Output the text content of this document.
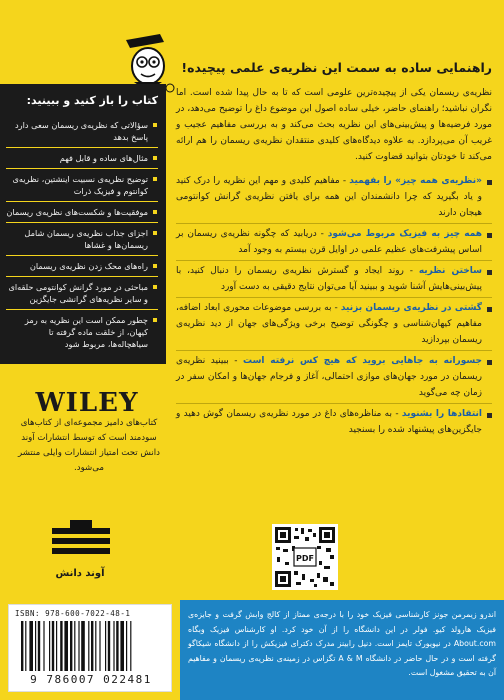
کتاب را باز کنید و ببینید:
سؤالاتی که نظریه‌ی ریسمان سعی دارد پاسخ بدهد
مثال‌های ساده و قابل فهم
توضیح نظریه‌ی نسبیت اینشتین، نظریه‌ی کوانتوم و فیزیک ذرات
موفقیت‌ها و شکست‌های نظریه‌ی ریسمان
اجزای جذاب نظریه‌ی ریسمان شامل ریسمان‌ها و غشاها
راه‌های محک زدن نظریه‌ی ریسمان
مباحثی در مورد گرانش کوانتومی حلقه‌ای و سایر نظریه‌های گرانشی جایگزین
چطور ممکن است این نظریه به رمز کیهان، از خلقت ماده گرفته تا سیاهچاله‌ها، مربوط شود
راهنمایی ساده به سمت این نظریه‌ی علمی پیچیده!

نظریه‌ی ریسمان یکی از پیچیده‌ترین علومی است که تا به حال پیدا شده است. اما نگران نباشید؛ راهنمای حاضر، خیلی ساده اصول این موضوع داغ را توضیح می‌دهد، در مورد فرضیه‌ها و پیش‌بینی‌های این نظریه بحث می‌کند و به بررسی مفاهیم عجیب و غریب آن می‌پردازد. به علاوه دیدگاه‌های کلیدی منتقدان نظریه‌ی ریسمان را هم ارائه می‌کند تا خودتان بتوانید قضاوت کنید.

«نظریه‌ی همه چیز» را بفهمید - مفاهیم کلیدی و مهم این نظریه را درک کنید و یاد بگیرید که چرا دانشمندان این همه برای یافتن نظریه‌ی گرانش کوانتومی هیجان دارند
همه چیز به فیزیک مربوط می‌شود - دریابید که چگونه نظریه‌ی ریسمان بر اساس پیشرفت‌های عظیم علمی در اوایل قرن بیستم به وجود آمد
ساختن نظریه - روند ایجاد و گسترش نظریه‌ی ریسمان را دنبال کنید، با پیش‌بینی‌هایش آشنا شوید و ببینید آیا می‌توان نتایج دقیقی به دست آورد
گشتی در نظریه‌ی ریسمان بزنید - به بررسی موضوعات محوری ابعاد اضافه، مفاهیم کیهان‌شناسی و چگونگی توضیح برخی ویژگی‌های جهان از دید نظریه‌ی ریسمان بپردازید
جسورانه به جاهایی بروید که هیچ کس نرفته است - ببینید نظریه‌ی ریسمان در مورد جهان‌های موازی احتمالی، آغاز و فرجام جهان‌ها و امکان سفر در زمان چه می‌گوید
انتقادها را بشنوید - به مناظره‌های داغ در مورد نظریه‌ی ریسمان گوش دهید و جایگزین‌های پیشنهاد شده را بسنجید
WILEY

کتاب‌های دامیز مجموعه‌ای از کتاب‌های سودمند است که توسط انتشارات آوند دانش تحت امتیاز انتشارات وایلی منتشر می‌شود.

آوند دانش
PDF
ISBN: 978-600-7022-48-1
9 786007 022481

اندرو زیمرمن جونز کارشناسی فیزیک خود را با درجه‌ی ممتاز از کالج وابش گرفت و جایزه‌ی فیزیک هارولد کیو. فولر در این دانشگاه را از آن خود کرد. او کارشناس فیزیک وبگاه About.com در نیویورک تایمز است. دنیل رابینز مدرک دکترای فیزیکش را از دانشگاه شیکاگو گرفته است و در حال حاضر در دانشگاه A & M تگزاس در زمینه‌ی نظریه‌ی ریسمان و مفاهیم آن به تحقیق مشغول است.
